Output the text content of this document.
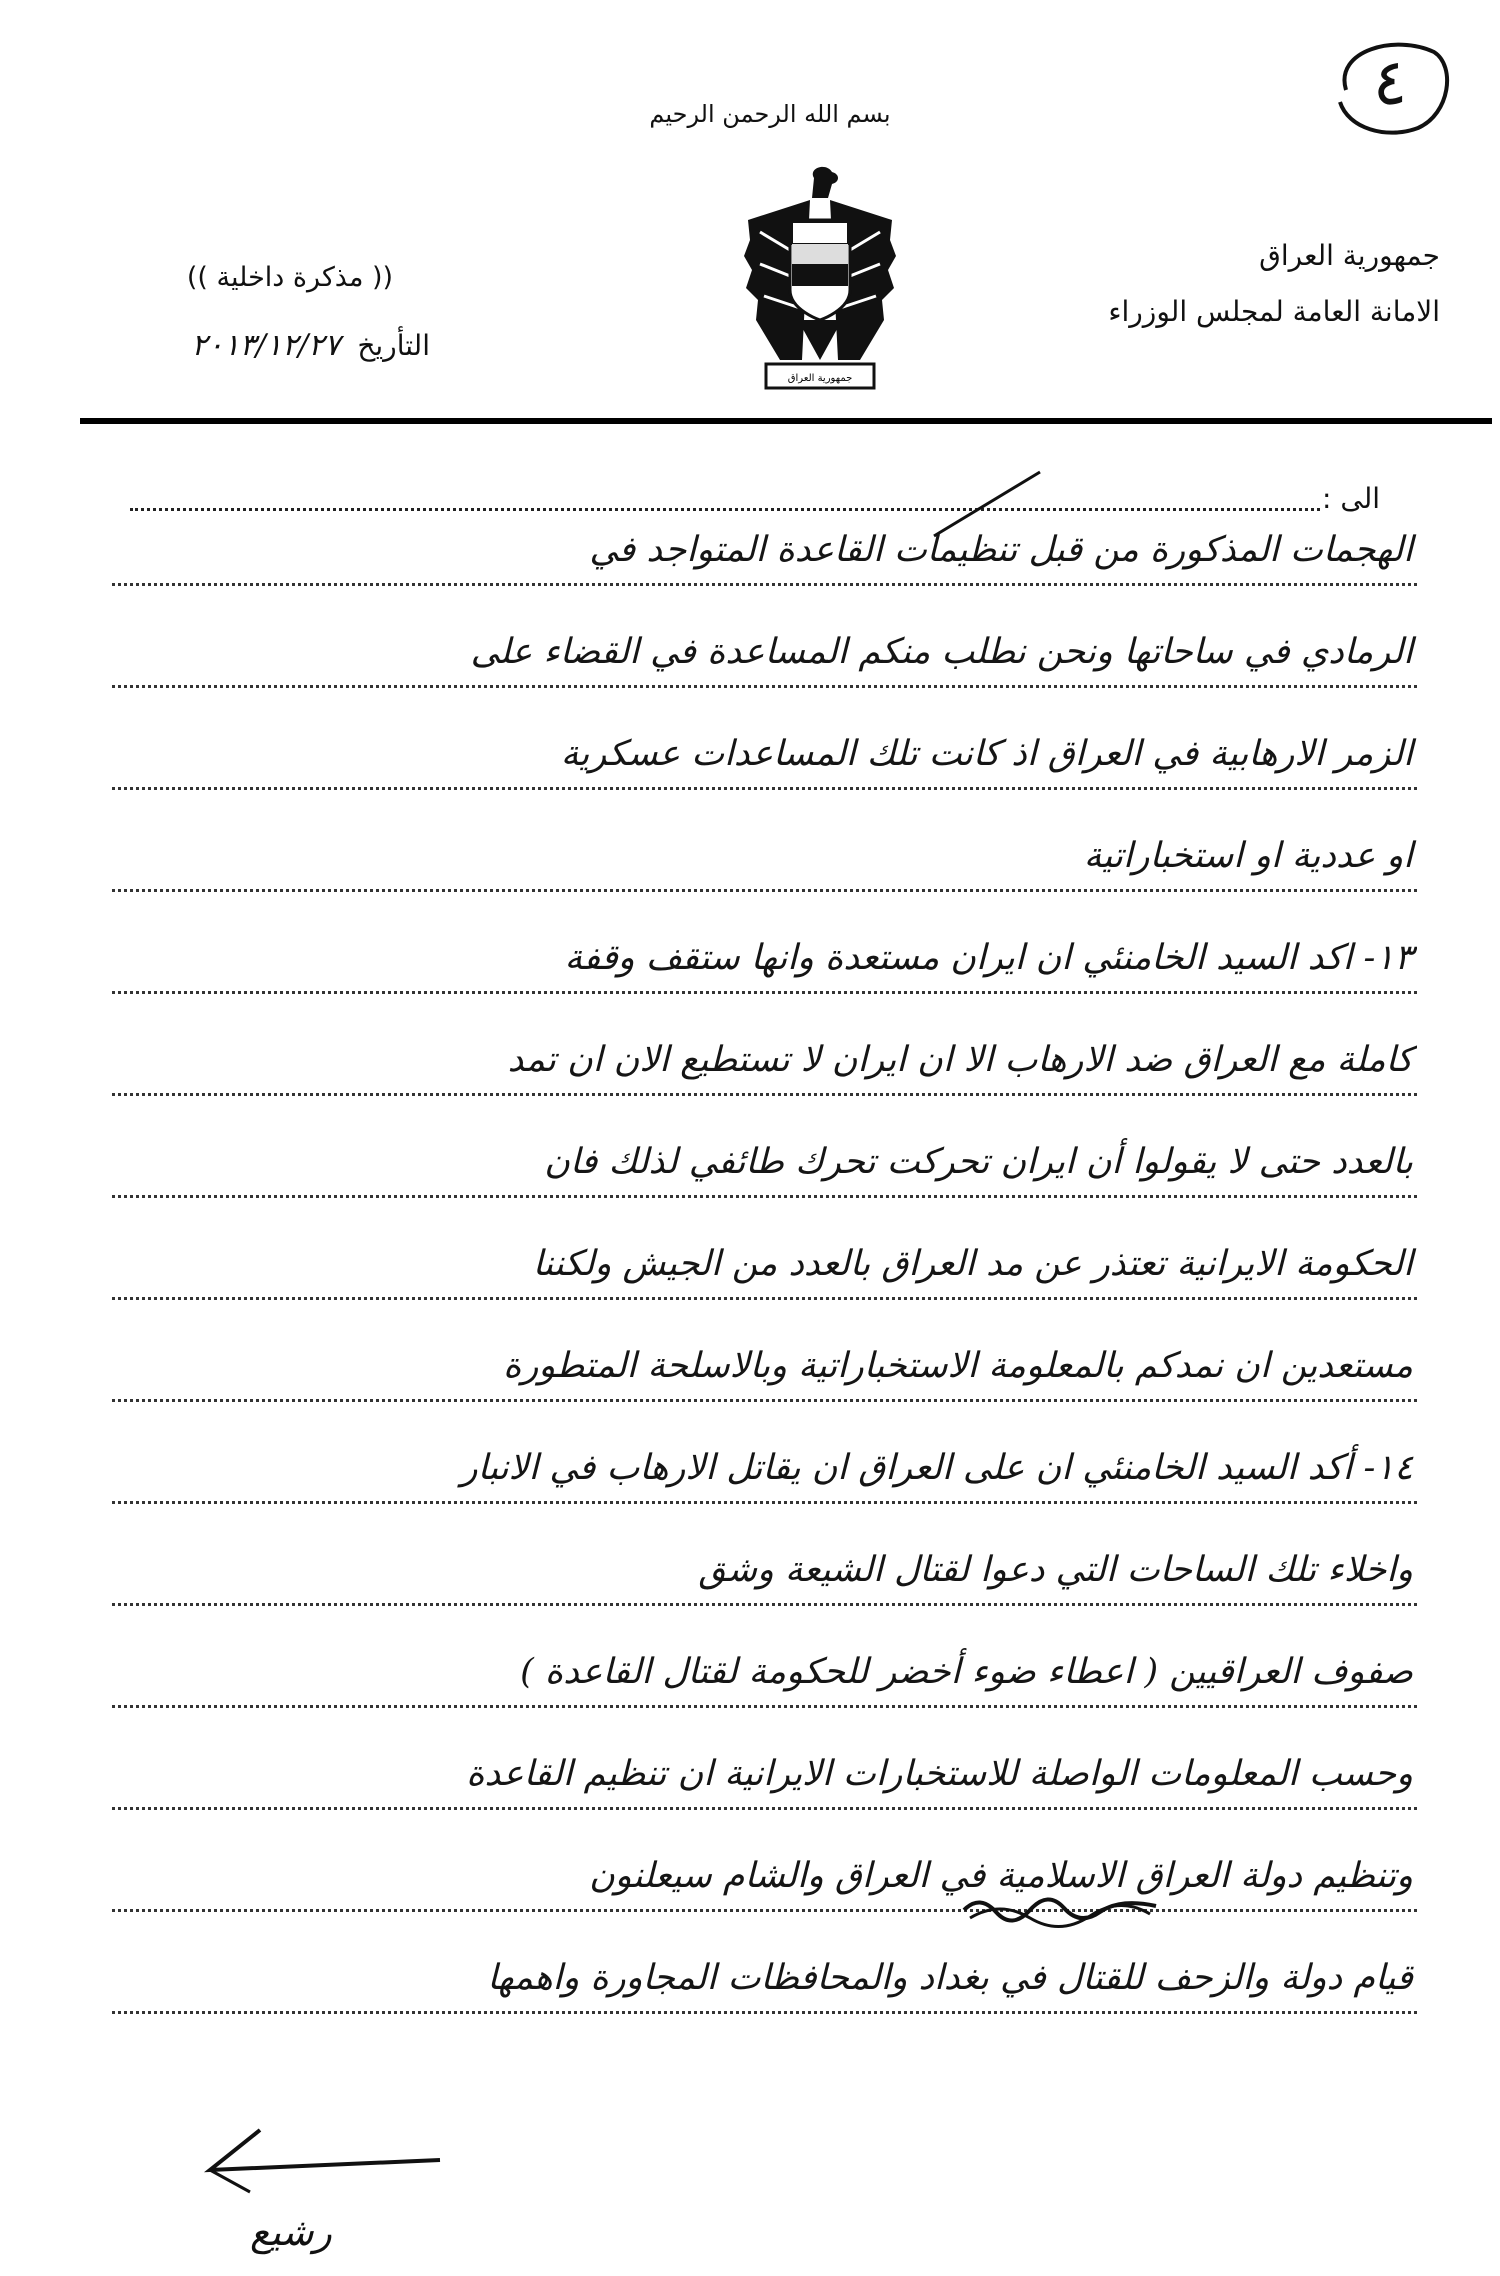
٤
بسم الله الرحمن الرحيم
جمهورية العراق
الامانة العامة لمجلس الوزراء
جمهورية العراق
(( مذكرة داخلية ))
التأريخ ٢٠١٣/١٢/٢٧
الى :
الهجمات المذكورة من قبل تنظيمات القاعدة المتواجد في
الرمادي في ساحاتها ونحن نطلب منكم المساعدة في القضاء على
الزمر الارهابية في العراق اذ كانت تلك المساعدات عسكرية
او عددية او استخباراتية
١٣- اكد السيد الخامنئي ان ايران مستعدة وانها ستقف وقفة
كاملة مع العراق ضد الارهاب الا ان ايران لا تستطيع الان ان تمد
بالعدد حتى لا يقولوا أن ايران تحركت تحرك طائفي لذلك فان
الحكومة الايرانية تعتذر عن مد العراق بالعدد من الجيش ولكننا
مستعدين ان نمدكم بالمعلومة الاستخباراتية وبالاسلحة المتطورة
١٤- أكد السيد الخامنئي ان على العراق ان يقاتل الارهاب في الانبار
واخلاء تلك الساحات التي دعوا لقتال الشيعة وشق
صفوف العراقيين ( اعطاء ضوء أخضر للحكومة لقتال القاعدة )
وحسب المعلومات الواصلة للاستخبارات الايرانية ان تنظيم القاعدة
وتنظيم دولة العراق الاسلامية في العراق والشام سيعلنون
قيام دولة والزحف للقتال في بغداد والمحافظات المجاورة واهمها
رشيع
